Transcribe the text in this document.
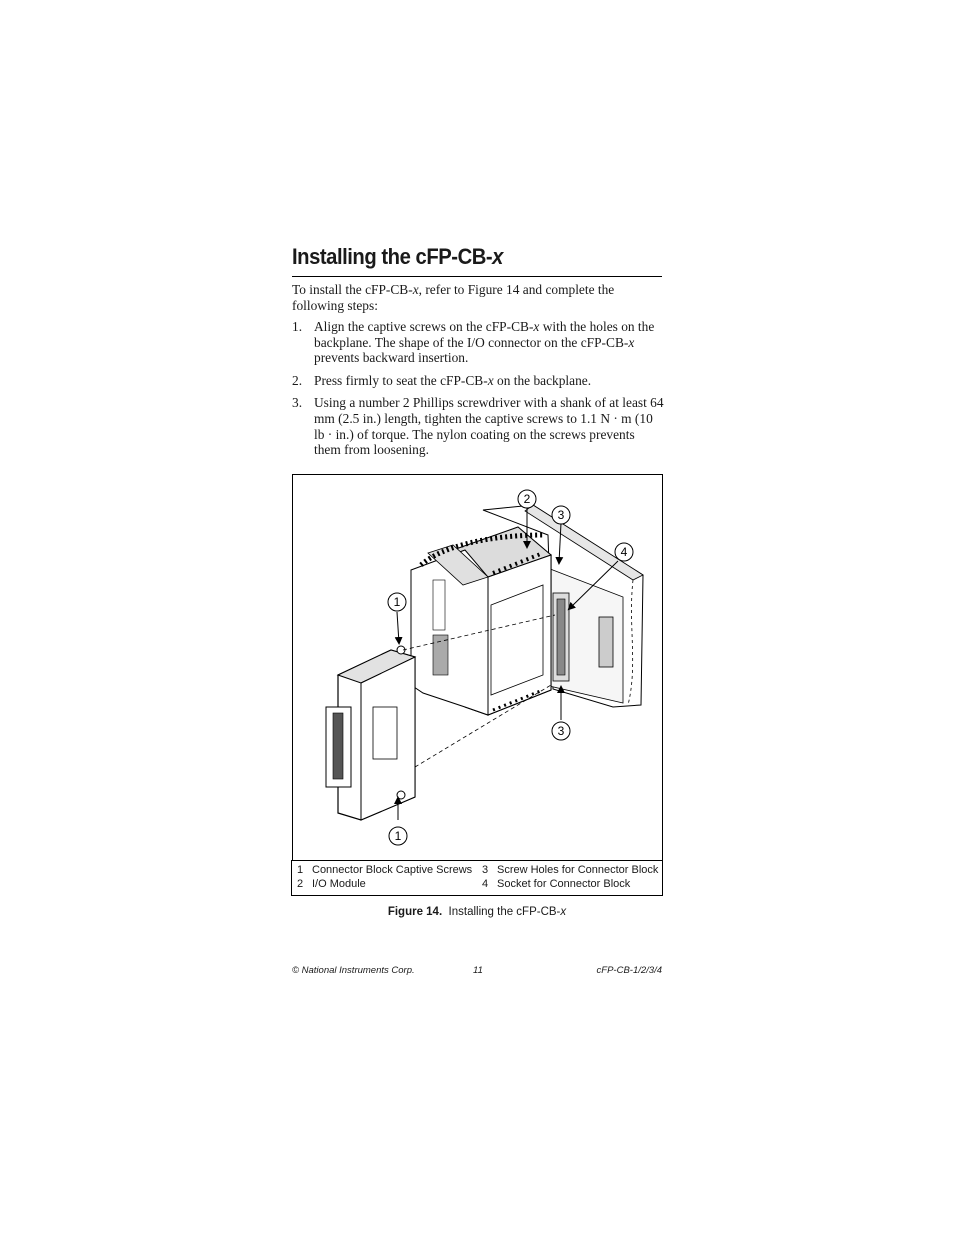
Installing the cFP-CB-x

To install the cFP-CB-x, refer to Figure 14 and complete the following steps:

1. Align the captive screws on the cFP-CB-x with the holes on the backplane. The shape of the I/O connector on the cFP-CB-x prevents backward insertion.
2. Press firmly to seat the cFP-CB-x on the backplane.
3. Using a number 2 Phillips screwdriver with a shank of at least 64 mm (2.5 in.) length, tighten the captive screws to 1.1 N · m (10 lb · in.) of torque. The nylon coating on the screws prevents them from loosening.
1
1
2
3
3
4
1 Connector Block Captive Screws
2 I/O Module
3 Screw Holes for Connector Block
4 Socket for Connector Block
Figure 14. Installing the cFP-CB-x
© National Instruments Corp.	11	cFP-CB-1/2/3/4
